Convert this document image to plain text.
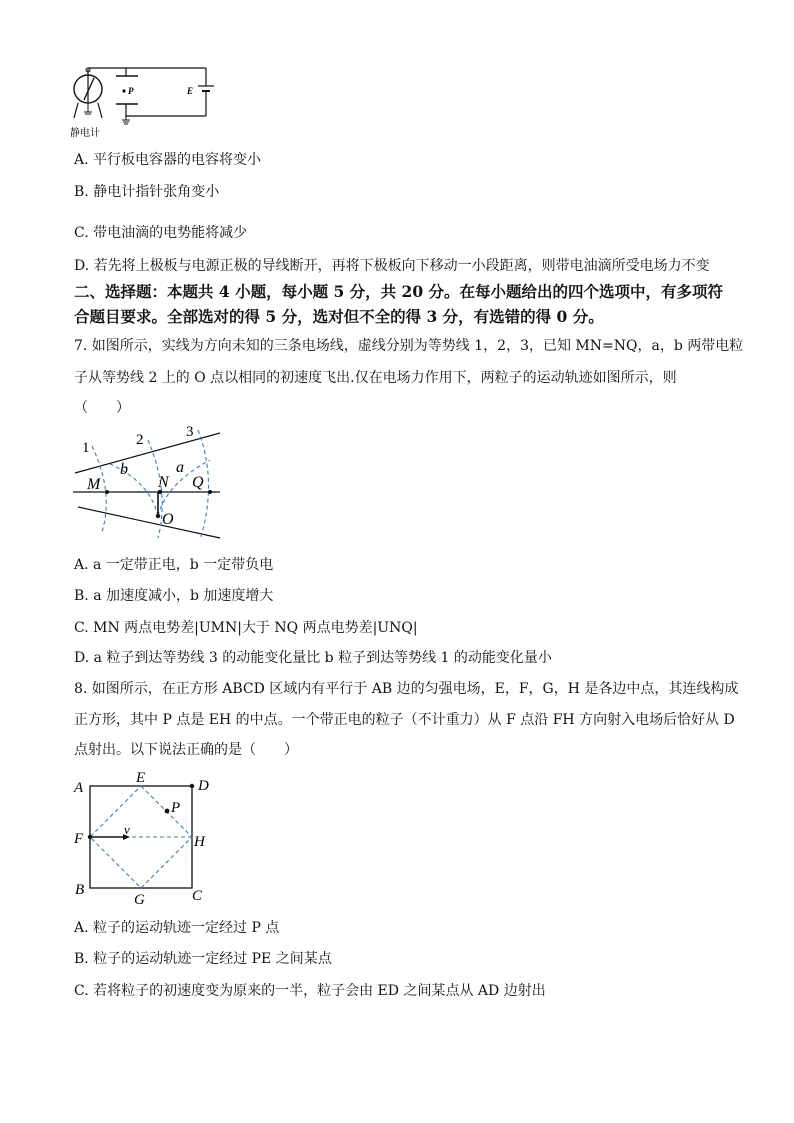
P	E
静电计
A. 平行板电容器的电容将变小
B. 静电计指针张角变小
C. 带电油滴的电势能将减少
D. 若先将上极板与电源正极的导线断开，再将下极板向下移动一小段距离，则带电油滴所受电场力不变
二、选择题：本题共 4 小题，每小题 5 分，共 20 分。在每小题给出的四个选项中，有多项符
合题目要求。全部选对的得 5 分，选对但不全的得 3 分，有选错的得 0 分。
7. 如图所示，实线为方向未知的三条电场线，虚线分别为等势线 1，2，3，已知 MN=NQ，a，b 两带电粒
子从等势线 2 上的 O 点以相同的初速度飞出.仅在电场力作用下，两粒子的运动轨迹如图所示，则
（　　）
1	2	3
b	a
M	N Q
O
A. a 一定带正电，b 一定带负电
B. a 加速度减小，b 加速度增大
C. MN 两点电势差|UMN|大于 NQ 两点电势差|UNQ|
D. a 粒子到达等势线 3 的动能变化量比 b 粒子到达等势线 1 的动能变化量小
8. 如图所示，在正方形 ABCD 区域内有平行于 AB 边的匀强电场，E，F，G，H 是各边中点，其连线构成
正方形，其中 P 点是 EH 的中点。一个带正电的粒子（不计重力）从 F 点沿 FH 方向射入电场后恰好从 D
点射出。以下说法正确的是（　　）
A	D
B	C
E
F
G
H
P
v
A. 粒子的运动轨迹一定经过 P 点
B. 粒子的运动轨迹一定经过 PE 之间某点
C. 若将粒子的初速度变为原来的一半，粒子会由 ED 之间某点从 AD 边射出
